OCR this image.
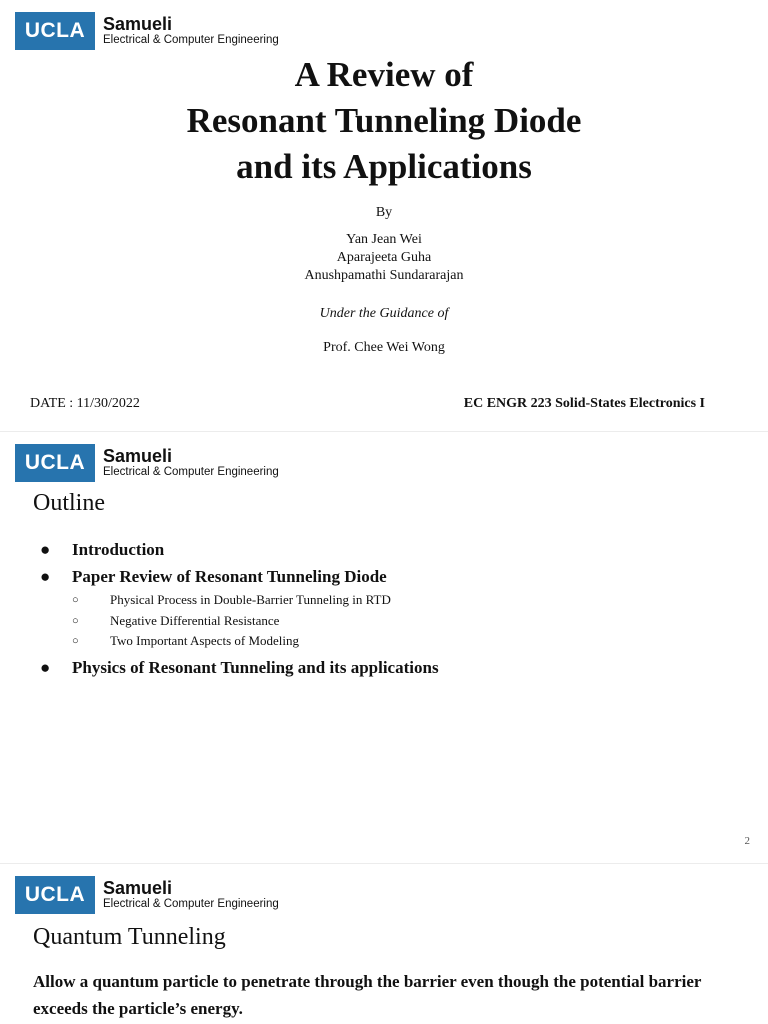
UCLA Samueli
Electrical & Computer Engineering
A Review of
Resonant Tunneling Diode
and its Applications
By
Yan Jean Wei
Aparajeeta Guha
Anushpamathi Sundararajan
Under the Guidance of
Prof. Chee Wei Wong
DATE : 11/30/2022	EC ENGR 223 Solid-States Electronics I
UCLA Samueli
Electrical & Computer Engineering
Outline
● Introduction
● Paper Review of Resonant Tunneling Diode
○ Physical Process in Double-Barrier Tunneling in RTD
○ Negative Differential Resistance
○ Two Important Aspects of Modeling
● Physics of Resonant Tunneling and its applications
2
UCLA Samueli
Electrical & Computer Engineering
Quantum Tunneling
Allow a quantum particle to penetrate through the barrier even though the potential barrier exceeds the particle’s energy.
